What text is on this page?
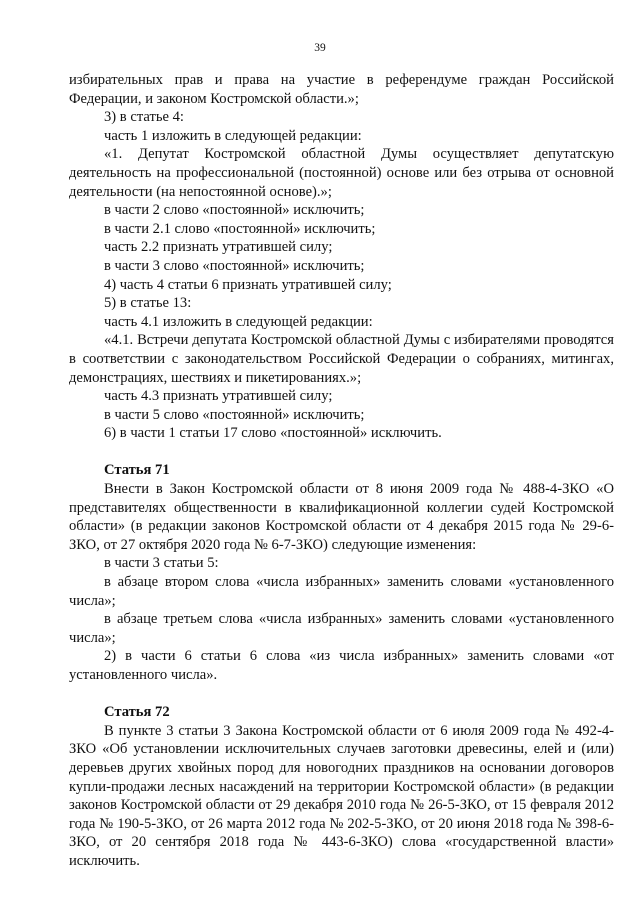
39

избирательных прав и права на участие в референдуме граждан Российской Федерации, и законом Костромской области.»;

3) в статье 4:

часть 1 изложить в следующей редакции:

«1. Депутат Костромской областной Думы осуществляет депутатскую деятельность на профессиональной (постоянной) основе или без отрыва от основной деятельности (на непостоянной основе).»;

в части 2 слово «постоянной» исключить;

в части 2.1 слово «постоянной» исключить;

часть 2.2 признать утратившей силу;

в части 3 слово «постоянной» исключить;

4) часть 4 статьи 6 признать утратившей силу;

5) в статье 13:

часть 4.1 изложить в следующей редакции:

«4.1. Встречи депутата Костромской областной Думы с избирателями проводятся в соответствии с законодательством Российской Федерации о собраниях, митингах, демонстрациях, шествиях и пикетированиях.»;

часть 4.3 признать утратившей силу;

в части 5 слово «постоянной» исключить;

6) в части 1 статьи 17 слово «постоянной» исключить.

Статья 71

Внести в Закон Костромской области от 8 июня 2009 года № 488-4-ЗКО «О представителях общественности в квалификационной коллегии судей Костромской области» (в редакции законов Костромской области от 4 декабря 2015 года № 29-6-ЗКО, от 27 октября 2020 года № 6-7-ЗКО) следующие изменения:

в части 3 статьи 5:

в абзаце втором слова «числа избранных» заменить словами «установленного числа»;

в абзаце третьем слова «числа избранных» заменить словами «установленного числа»;

2) в части 6 статьи 6 слова «из числа избранных» заменить словами «от установленного числа».

Статья 72

В пункте 3 статьи 3 Закона Костромской области от 6 июля 2009 года № 492-4-ЗКО «Об установлении исключительных случаев заготовки древесины, елей и (или) деревьев других хвойных пород для новогодних праздников на основании договоров купли-продажи лесных насаждений на территории Костромской области» (в редакции законов Костромской области от 29 декабря 2010 года № 26-5-ЗКО, от 15 февраля 2012 года № 190-5-ЗКО, от 26 марта 2012 года № 202-5-ЗКО, от 20 июня 2018 года № 398-6-ЗКО, от 20 сентября 2018 года № 443-6-ЗКО) слова «государственной власти» исключить.
